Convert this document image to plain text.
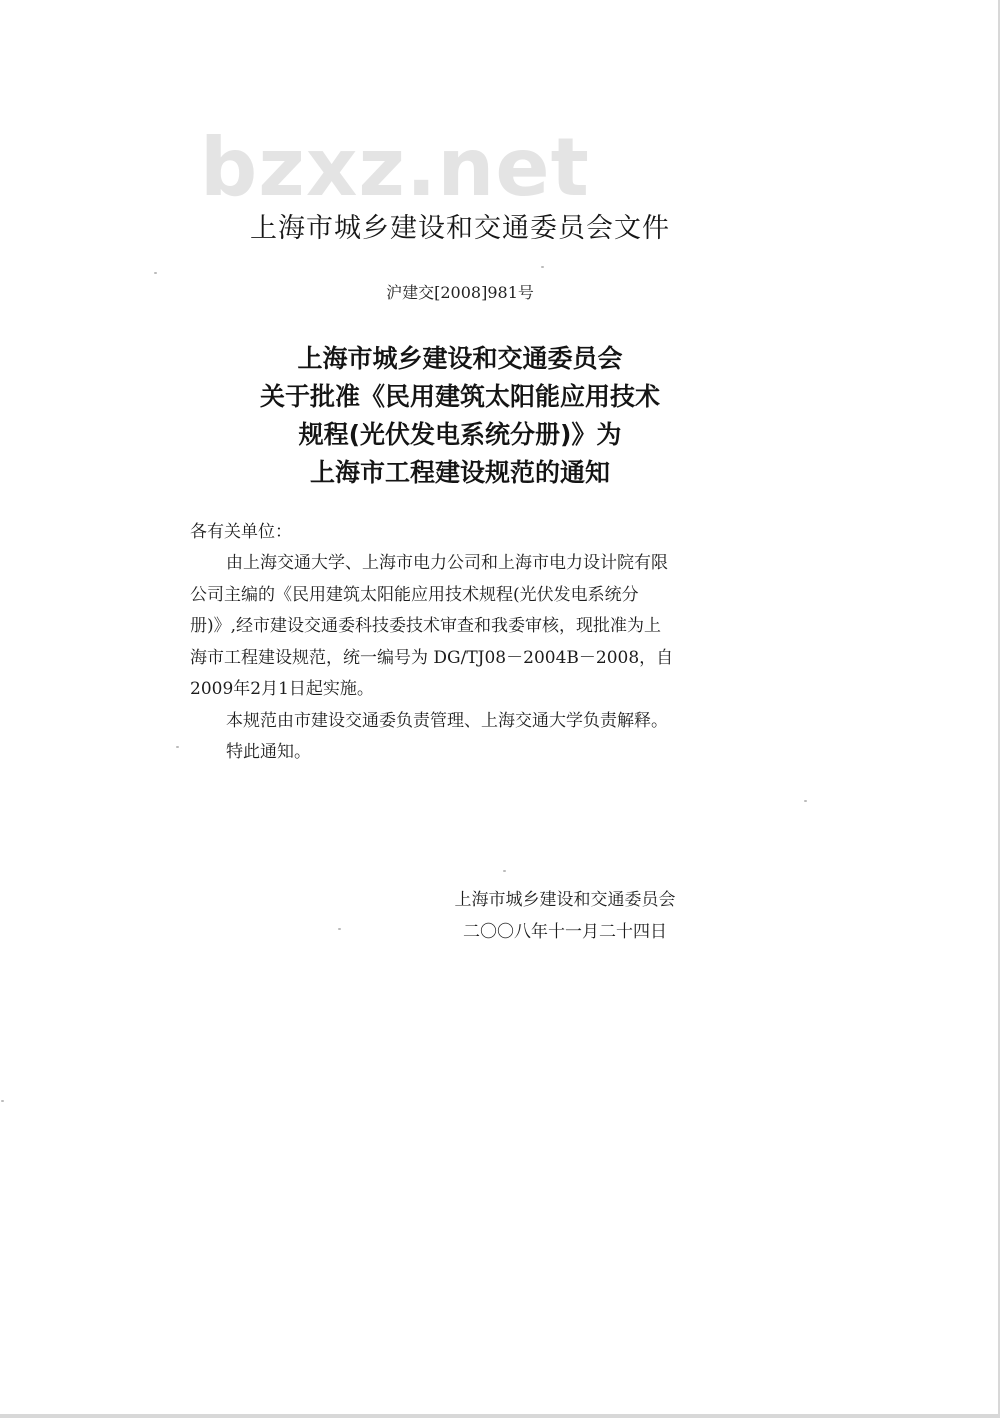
bzxz.net
上海市城乡建设和交通委员会文件
沪建交[2008]981号
上海市城乡建设和交通委员会
关于批准《民用建筑太阳能应用技术
规程(光伏发电系统分册)》为
上海市工程建设规范的通知
各有关单位：
由上海交通大学、上海市电力公司和上海市电力设计院有限
公司主编的《民用建筑太阳能应用技术规程(光伏发电系统分
册)》,经市建设交通委科技委技术审查和我委审核，现批准为上
海市工程建设规范，统一编号为 DG/TJ08－2004B－2008，自
2009年2月1日起实施。
本规范由市建设交通委负责管理、上海交通大学负责解释。
特此通知。
上海市城乡建设和交通委员会
二〇〇八年十一月二十四日
